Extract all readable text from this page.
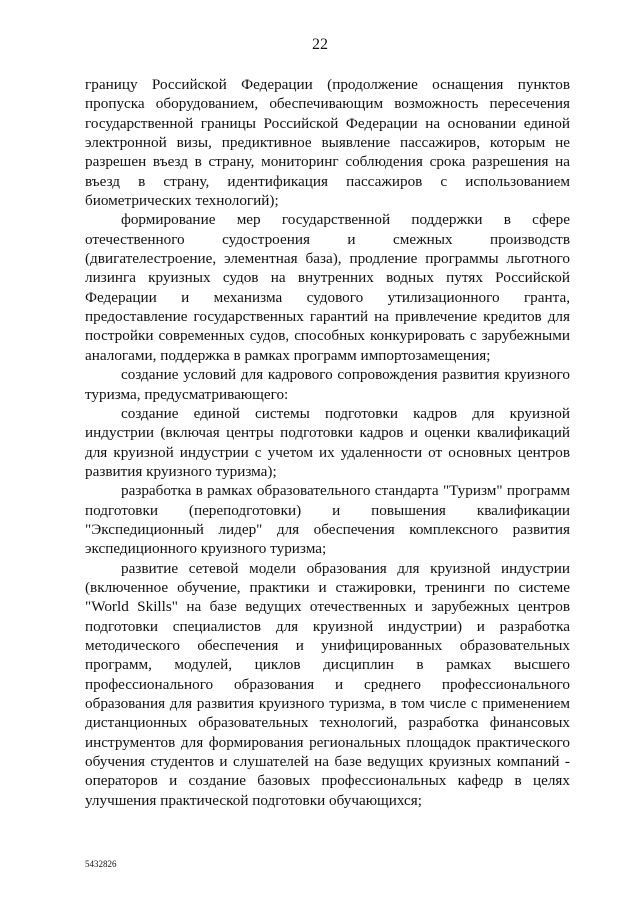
22

границу Российской Федерации (продолжение оснащения пунктов пропуска оборудованием, обеспечивающим возможность пересечения государственной границы Российской Федерации на основании единой электронной визы, предиктивное выявление пассажиров, которым не разрешен въезд в страну, мониторинг соблюдения срока разрешения на въезд в страну, идентификация пассажиров с использованием биометрических технологий);

формирование мер государственной поддержки в сфере отечественного судостроения и смежных производств (двигателестроение, элементная база), продление программы льготного лизинга круизных судов на внутренних водных путях Российской Федерации и механизма судового утилизационного гранта, предоставление государственных гарантий на привлечение кредитов для постройки современных судов, способных конкурировать с зарубежными аналогами, поддержка в рамках программ импортозамещения;

создание условий для кадрового сопровождения развития круизного туризма, предусматривающего:

создание единой системы подготовки кадров для круизной индустрии (включая центры подготовки кадров и оценки квалификаций для круизной индустрии с учетом их удаленности от основных центров развития круизного туризма);

разработка в рамках образовательного стандарта "Туризм" программ подготовки (переподготовки) и повышения квалификации "Экспедиционный лидер" для обеспечения комплексного развития экспедиционного круизного туризма;

развитие сетевой модели образования для круизной индустрии (включенное обучение, практики и стажировки, тренинги по системе "World Skills" на базе ведущих отечественных и зарубежных центров подготовки специалистов для круизной индустрии) и разработка методического обеспечения и унифицированных образовательных программ, модулей, циклов дисциплин в рамках высшего профессионального образования и среднего профессионального образования для развития круизного туризма, в том числе с применением дистанционных образовательных технологий, разработка финансовых инструментов для формирования региональных площадок практического обучения студентов и слушателей на базе ведущих круизных компаний - операторов и создание базовых профессиональных кафедр в целях улучшения практической подготовки обучающихся;

5432826
